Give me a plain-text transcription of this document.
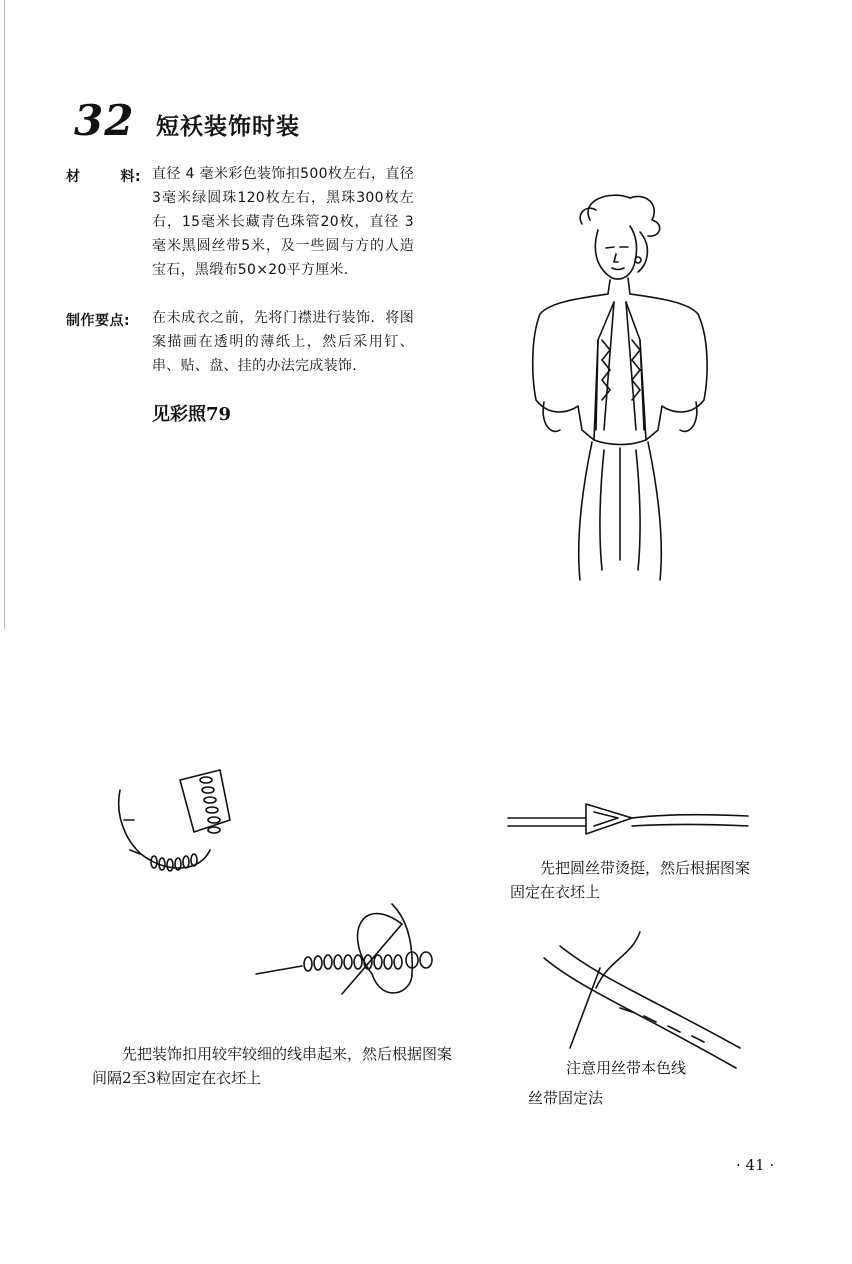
32 短袄装饰时装
材	料: 直径 4 毫米彩色装饰扣500枚左右，直径3毫米绿圆珠120枚左右，黑珠300枚左右，15毫米长藏青色珠管20枚，直径 3 毫米黑圆丝带5米，及一些圆与方的人造宝石，黑缎布50×20平方厘米.
制作要点: 在未成衣之前，先将门襟进行装饰．将图案描画在透明的薄纸上，然后采用钉、串、贴、盘、挂的办法完成装饰．
见彩照79
先把圆丝带烫挺，然后根据图案固定在衣坯上
先把装饰扣用较牢较细的线串起来，然后根据图案间隔2至3粒固定在衣坯上
注意用丝带本色线
丝带固定法
· 41 ·
